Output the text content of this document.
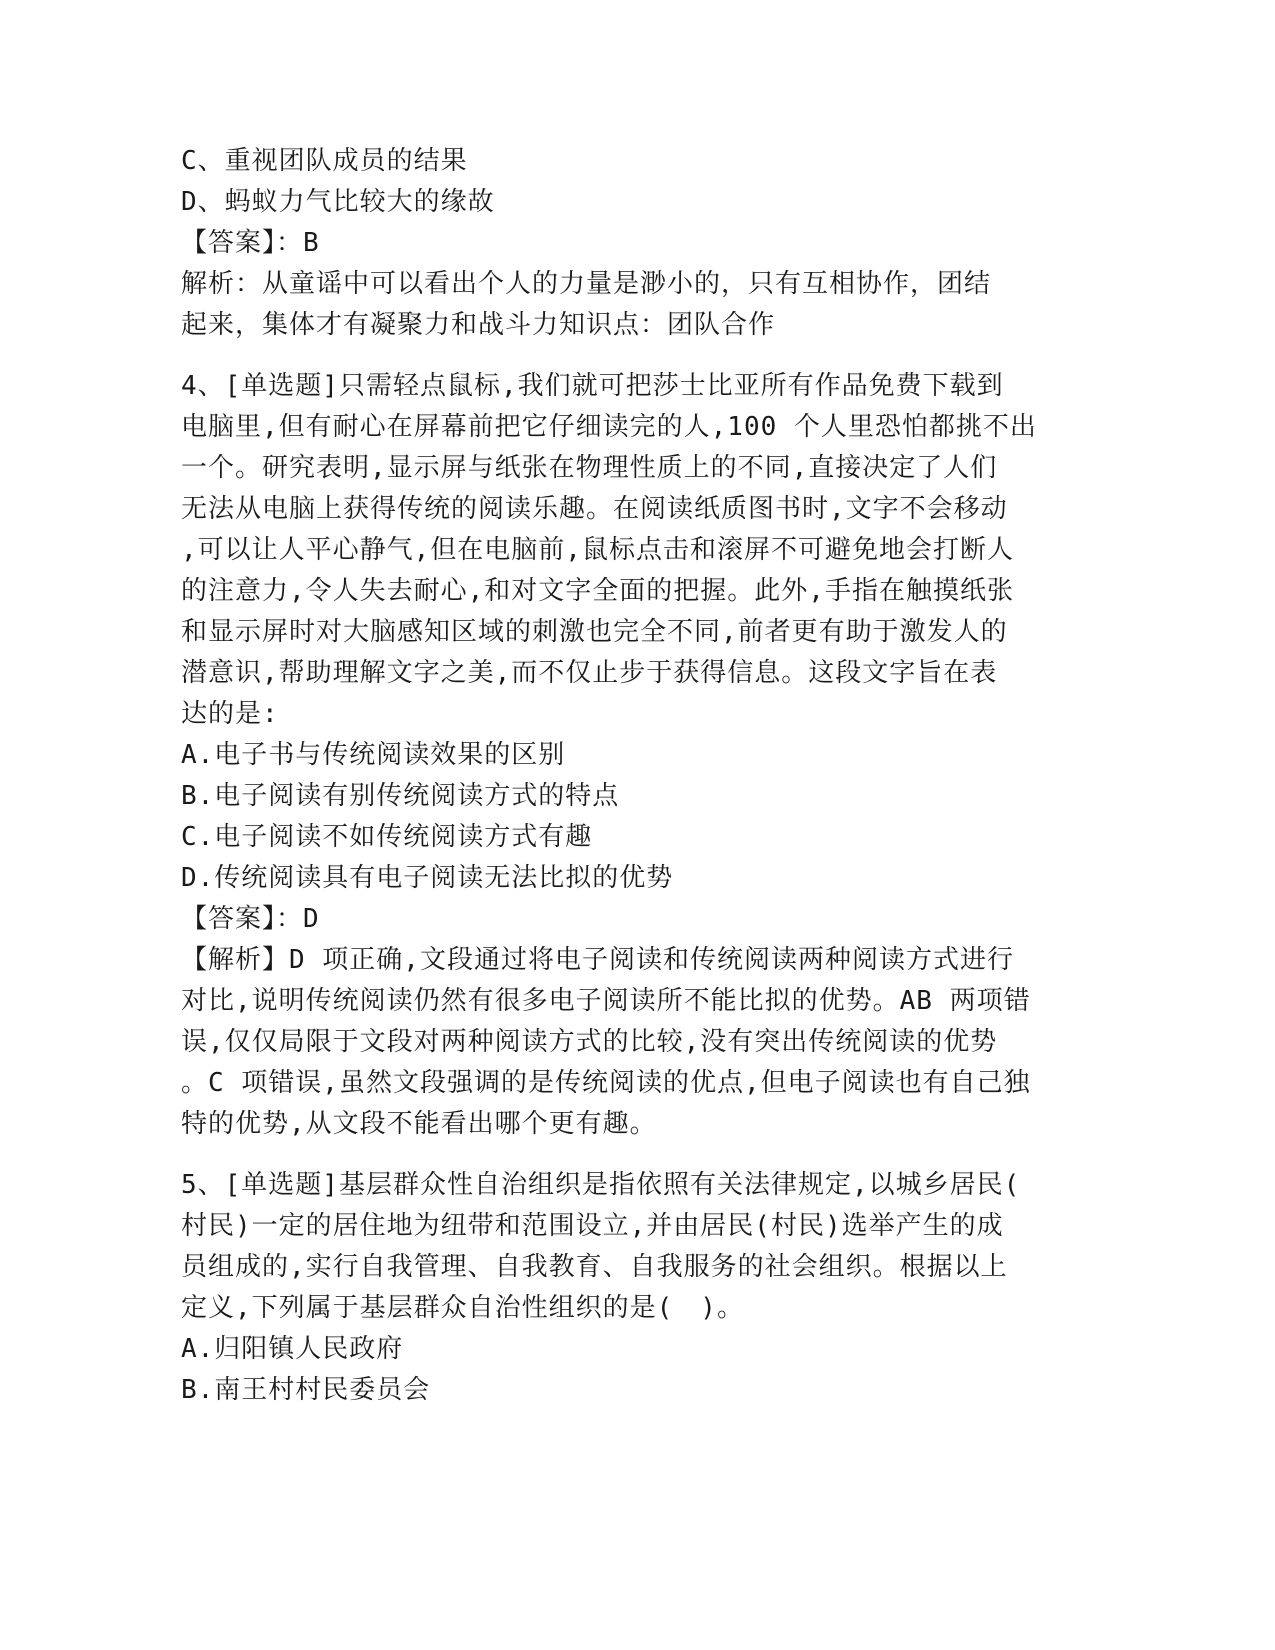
C、重视团队成员的结果
D、蚂蚁力气比较大的缘故
【答案】：B
解析：从童谣中可以看出个人的力量是渺小的，只有互相协作，团结
起来，集体才有凝聚力和战斗力知识点：团队合作
4、[单选题]只需轻点鼠标,我们就可把莎士比亚所有作品免费下载到
电脑里,但有耐心在屏幕前把它仔细读完的人,100 个人里恐怕都挑不出
一个。研究表明,显示屏与纸张在物理性质上的不同,直接决定了人们
无法从电脑上获得传统的阅读乐趣。在阅读纸质图书时,文字不会移动
,可以让人平心静气,但在电脑前,鼠标点击和滚屏不可避免地会打断人
的注意力,令人失去耐心,和对文字全面的把握。此外,手指在触摸纸张
和显示屏时对大脑感知区域的刺激也完全不同,前者更有助于激发人的
潜意识,帮助理解文字之美,而不仅止步于获得信息。这段文字旨在表
达的是:
A.电子书与传统阅读效果的区别
B.电子阅读有别传统阅读方式的特点
C.电子阅读不如传统阅读方式有趣
D.传统阅读具有电子阅读无法比拟的优势
【答案】：D
【解析】D 项正确,文段通过将电子阅读和传统阅读两种阅读方式进行
对比,说明传统阅读仍然有很多电子阅读所不能比拟的优势。AB 两项错
误,仅仅局限于文段对两种阅读方式的比较,没有突出传统阅读的优势
。C 项错误,虽然文段强调的是传统阅读的优点,但电子阅读也有自己独
特的优势,从文段不能看出哪个更有趣。
5、[单选题]基层群众性自治组织是指依照有关法律规定,以城乡居民(
村民)一定的居住地为纽带和范围设立,并由居民(村民)选举产生的成
员组成的,实行自我管理、自我教育、自我服务的社会组织。根据以上
定义,下列属于基层群众自治性组织的是(　)。
A.归阳镇人民政府
B.南王村村民委员会
